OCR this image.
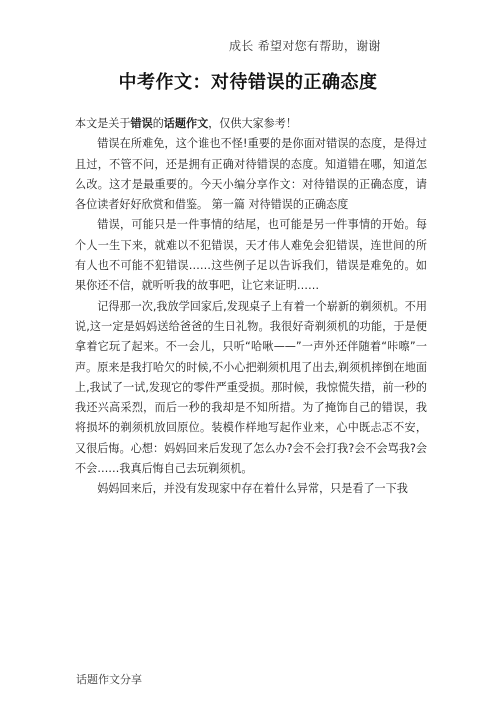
成长 希望对您有帮助，谢谢
中考作文：对待错误的正确态度

本文是关于错误的话题作文，仅供大家参考！

错误在所难免，这个谁也不怪!重要的是你面对错误的态度，是得过且过，不管不问，还是拥有正确对待错误的态度。知道错在哪，知道怎么改。这才是最重要的。今天小编分享作文：对待错误的正确态度，请各位读者好好欣赏和借鉴。 第一篇 对待错误的正确态度

错误，可能只是一件事情的结尾，也可能是另一件事情的开始。每个人一生下来，就难以不犯错误，天才伟人难免会犯错误，连世间的所有人也不可能不犯错误……这些例子足以告诉我们，错误是难免的。如果你还不信，就听听我的故事吧，让它来证明……

记得那一次,我放学回家后,发现桌子上有着一个崭新的剃须机。不用说,这一定是妈妈送给爸爸的生日礼物。我很好奇剃须机的功能，于是便拿着它玩了起来。不一会儿，只听“哈啾——”一声外还伴随着“咔嚓”一声。原来是我打哈欠的时候,不小心把剃须机甩了出去,剃须机摔倒在地面上,我试了一试,发现它的零件严重受损。那时候，我惊慌失措，前一秒的我还兴高采烈，而后一秒的我却是不知所措。为了掩饰自己的错误，我将损坏的剃须机放回原位。装模作样地写起作业来，心中既忐忑不安，又很后悔。心想：妈妈回来后发现了怎么办?会不会打我?会不会骂我?会不会……我真后悔自己去玩剃须机。

妈妈回来后，并没有发现家中存在着什么异常，只是看了一下我

话题作文分享
